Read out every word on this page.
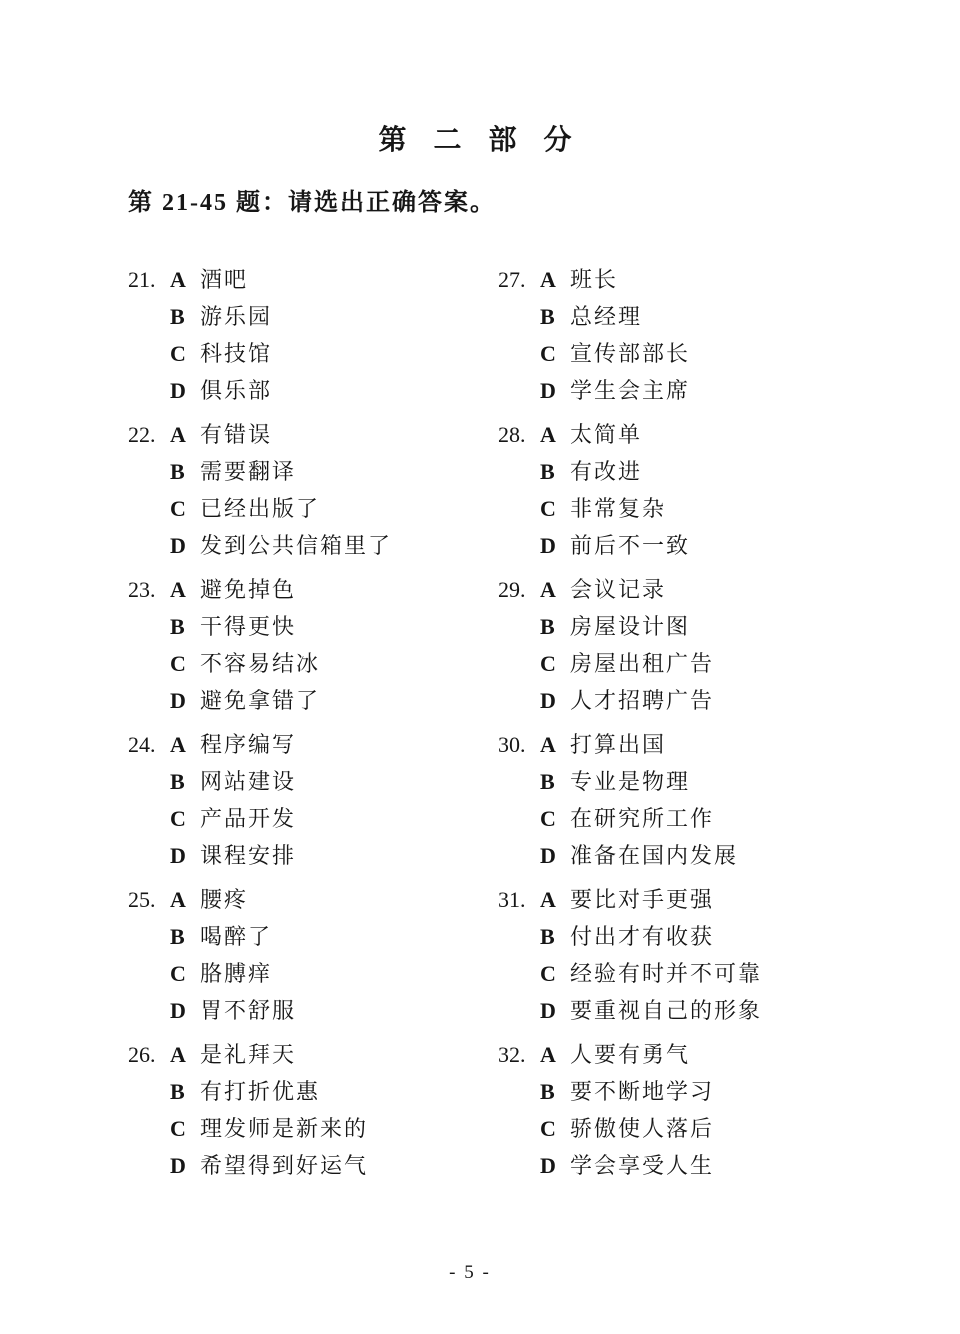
第 二 部 分

第 21-45 题：请选出正确答案。

21. A 酒吧
B 游乐园
C 科技馆
D 俱乐部
22. A 有错误
B 需要翻译
C 已经出版了
D 发到公共信箱里了
23. A 避免掉色
B 干得更快
C 不容易结冰
D 避免拿错了
24. A 程序编写
B 网站建设
C 产品开发
D 课程安排
25. A 腰疼
B 喝醉了
C 胳膊痒
D 胃不舒服
26. A 是礼拜天
B 有打折优惠
C 理发师是新来的
D 希望得到好运气
27. A 班长
B 总经理
C 宣传部部长
D 学生会主席
28. A 太简单
B 有改进
C 非常复杂
D 前后不一致
29. A 会议记录
B 房屋设计图
C 房屋出租广告
D 人才招聘广告
30. A 打算出国
B 专业是物理
C 在研究所工作
D 准备在国内发展
31. A 要比对手更强
B 付出才有收获
C 经验有时并不可靠
D 要重视自己的形象
32. A 人要有勇气
B 要不断地学习
C 骄傲使人落后
D 学会享受人生
- 5 -
